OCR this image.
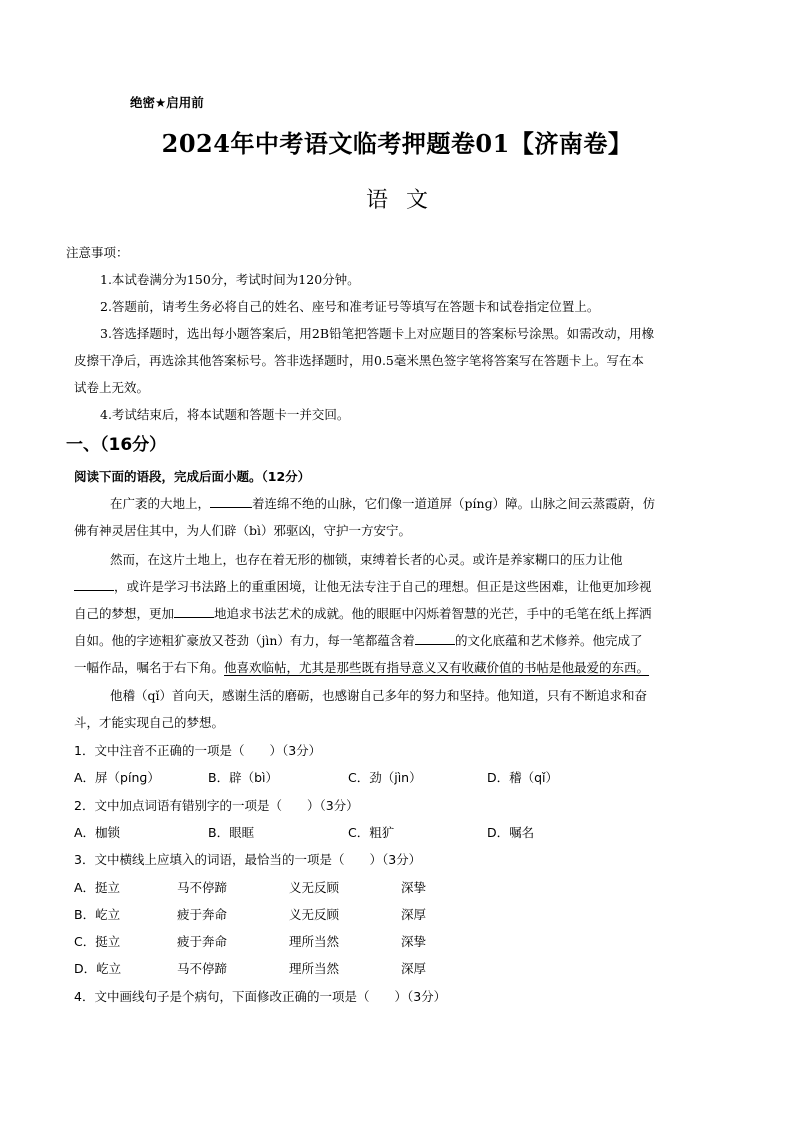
绝密★启用前
2024年中考语文临考押题卷01【济南卷】
语文
注意事项：
1.本试卷满分为150分，考试时间为120分钟。
2.答题前，请考生务必将自己的姓名、座号和准考证号等填写在答题卡和试卷指定位置上。
3.答选择题时，选出每小题答案后，用2B铅笔把答题卡上对应题目的答案标号涂黑。如需改动，用橡
皮擦干净后，再选涂其他答案标号。答非选择题时，用0.5毫米黑色签字笔将答案写在答题卡上。写在本
试卷上无效。
4.考试结束后，将本试题和答题卡一并交回。
一、（16分）
阅读下面的语段，完成后面小题。（12分）
在广袤的大地上，	着连绵不绝的山脉，它们像一道道屏（pínɡ）障。山脉之间云蒸霞蔚，仿
佛有神灵居住其中，为人们辟（bì）邪驱凶，守护一方安宁。
然而，在这片土地上，也存在着无形的枷锁，束缚着长者的心灵。或许是养家糊口的压力让他
，或许是学习书法路上的重重困境，让他无法专注于自己的理想。但正是这些困难，让他更加珍视
自己的梦想，更加	地追求书法艺术的成就。他的眼眶中闪烁着智慧的光芒，手中的毛笔在纸上挥洒
自如。他的字迹粗犷豪放又苍劲（jìn）有力，每一笔都蕴含着	的文化底蕴和艺术修养。他完成了
一幅作品，嘱名于右下角。他喜欢临帖，尤其是那些既有指导意义又有收藏价值的书帖是他最爱的东西。
他稽（qǐ）首向天，感谢生活的磨砺，也感谢自己多年的努力和坚持。他知道，只有不断追求和奋
斗，才能实现自己的梦想。
1．文中注音不正确的一项是（　　）（3分）
A．屏（pínɡ）	B．辟（bì）	C．劲（jìn）	D．稽（qǐ）
2．文中加点词语有错别字的一项是（　　）（3分）
A．枷锁	B．眼眶	C．粗犷	D．嘱名
3．文中横线上应填入的词语，最恰当的一项是（　　）（3分）
A．挺立	马不停蹄	义无反顾	深挚
B．屹立	疲于奔命	义无反顾	深厚
C．挺立	疲于奔命	理所当然	深挚
D．屹立	马不停蹄	理所当然	深厚
4．文中画线句子是个病句，下面修改正确的一项是（　　）（3分）
